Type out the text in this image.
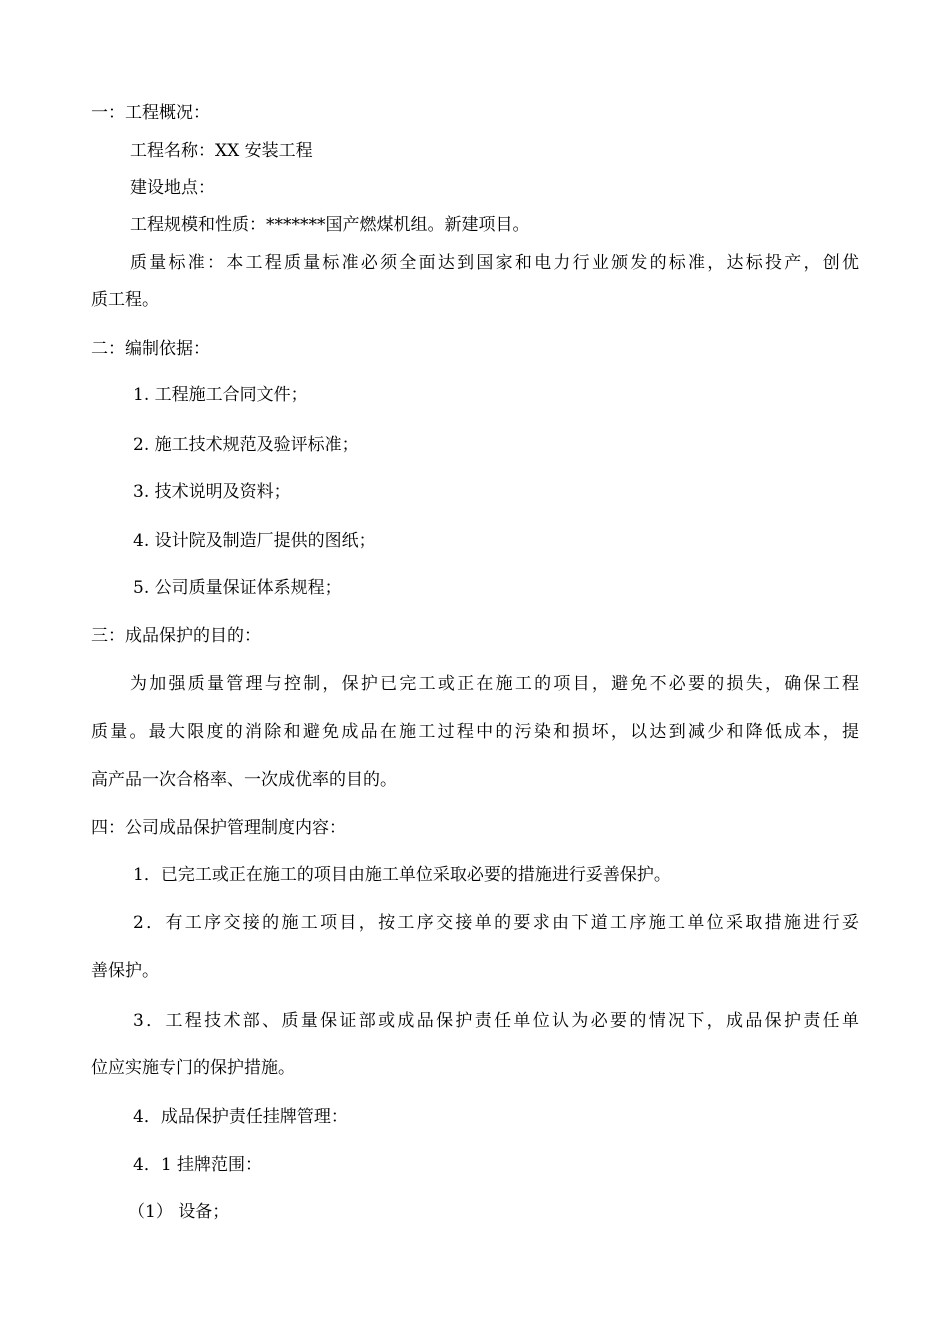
一：工程概况：
工程名称：XX 安装工程
建设地点：
工程规模和性质：*******国产燃煤机组。新建项目。
质量标准：本工程质量标准必须全面达到国家和电力行业颁发的标准，达标投产，创优
质工程。
二：编制依据：
1. 工程施工合同文件；
2. 施工技术规范及验评标准；
3. 技术说明及资料；
4. 设计院及制造厂提供的图纸；
5. 公司质量保证体系规程；
三：成品保护的目的：
为加强质量管理与控制，保护已完工或正在施工的项目，避免不必要的损失，确保工程
质量。最大限度的消除和避免成品在施工过程中的污染和损坏，以达到减少和降低成本，提
高产品一次合格率、一次成优率的目的。
四：公司成品保护管理制度内容：
1．已完工或正在施工的项目由施工单位采取必要的措施进行妥善保护。
2．有工序交接的施工项目，按工序交接单的要求由下道工序施工单位采取措施进行妥
善保护。
3．工程技术部、质量保证部或成品保护责任单位认为必要的情况下，成品保护责任单
位应实施专门的保护措施。
4．成品保护责任挂牌管理：
4．1 挂牌范围：
（1） 设备；
